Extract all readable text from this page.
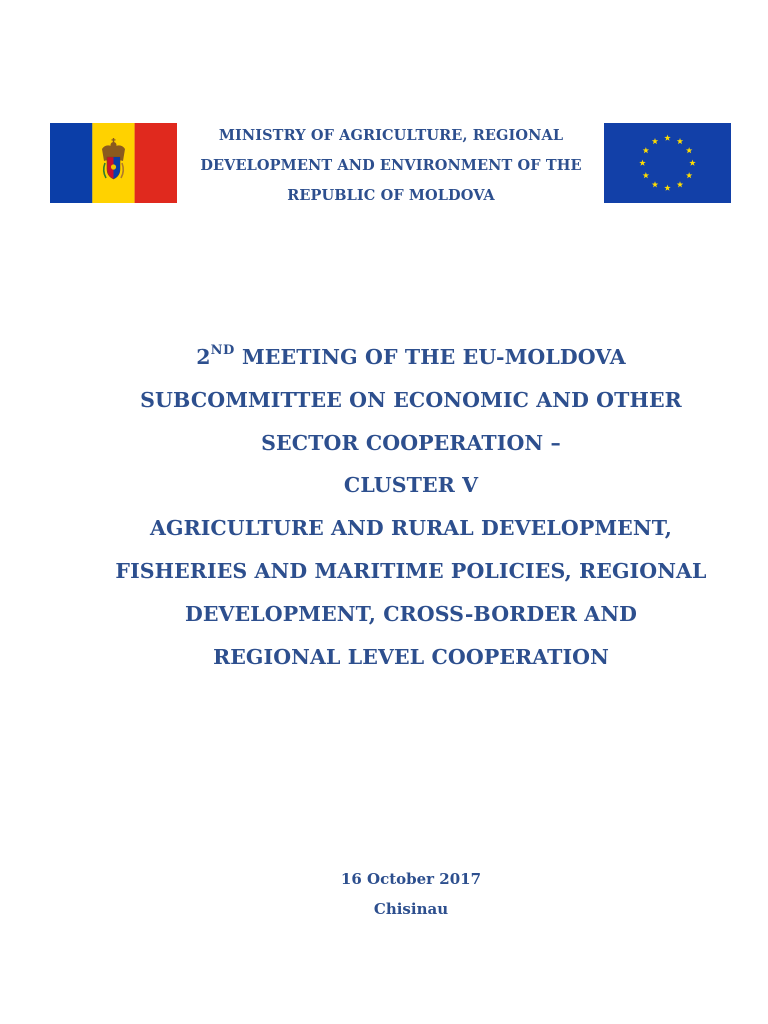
MINISTRY OF AGRICULTURE, REGIONAL
DEVELOPMENT AND ENVIRONMENT OF THE
REPUBLIC OF MOLDOVA
2ND MEETING OF THE EU-MOLDOVA
SUBCOMMITTEE ON ECONOMIC AND OTHER
SECTOR COOPERATION –
CLUSTER V
AGRICULTURE AND RURAL DEVELOPMENT,
FISHERIES AND MARITIME POLICIES, REGIONAL
DEVELOPMENT, CROSS-BORDER AND
REGIONAL LEVEL COOPERATION
16 October 2017
Chisinau
